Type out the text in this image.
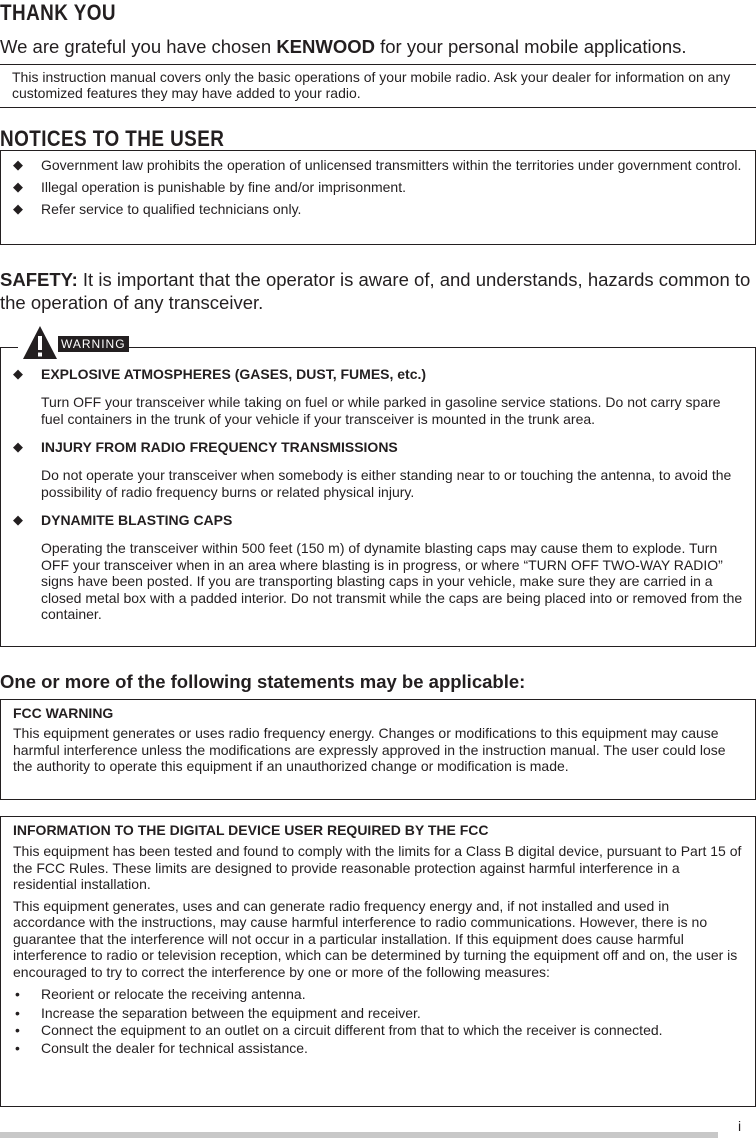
THANK YOU
We are grateful you have chosen KENWOOD for your personal mobile applications.
This instruction manual covers only the basic operations of your mobile radio. Ask your dealer for information on any customized features they may have added to your radio.
NOTICES TO THE USER
◆ Government law prohibits the operation of unlicensed transmitters within the territories under government control.
◆ Illegal operation is punishable by fine and/or imprisonment.
◆ Refer service to qualified technicians only.
SAFETY: It is important that the operator is aware of, and understands, hazards common to the operation of any transceiver.
◆ EXPLOSIVE ATMOSPHERES (GASES, DUST, FUMES, etc.)
Turn OFF your transceiver while taking on fuel or while parked in gasoline service stations. Do not carry spare fuel containers in the trunk of your vehicle if your transceiver is mounted in the trunk area.
◆ INJURY FROM RADIO FREQUENCY TRANSMISSIONS
Do not operate your transceiver when somebody is either standing near to or touching the antenna, to avoid the possibility of radio frequency burns or related physical injury.
◆ DYNAMITE BLASTING CAPS
Operating the transceiver within 500 feet (150 m) of dynamite blasting caps may cause them to explode. Turn OFF your transceiver when in an area where blasting is in progress, or where “TURN OFF TWO-WAY RADIO” signs have been posted. If you are transporting blasting caps in your vehicle, make sure they are carried in a closed metal box with a padded interior. Do not transmit while the caps are being placed into or removed from the container.
WARNING
One or more of the following statements may be applicable:
FCC WARNING
This equipment generates or uses radio frequency energy. Changes or modifications to this equipment may cause harmful interference unless the modifications are expressly approved in the instruction manual. The user could lose the authority to operate this equipment if an unauthorized change or modification is made.
INFORMATION TO THE DIGITAL DEVICE USER REQUIRED BY THE FCC
This equipment has been tested and found to comply with the limits for a Class B digital device, pursuant to Part 15 of the FCC Rules. These limits are designed to provide reasonable protection against harmful interference in a residential installation.
This equipment generates, uses and can generate radio frequency energy and, if not installed and used in accordance with the instructions, may cause harmful interference to radio communications. However, there is no guarantee that the interference will not occur in a particular installation. If this equipment does cause harmful interference to radio or television reception, which can be determined by turning the equipment off and on, the user is encouraged to try to correct the interference by one or more of the following measures:
• Reorient or relocate the receiving antenna.
• Increase the separation between the equipment and receiver.
• Connect the equipment to an outlet on a circuit different from that to which the receiver is connected.
• Consult the dealer for technical assistance.
i
